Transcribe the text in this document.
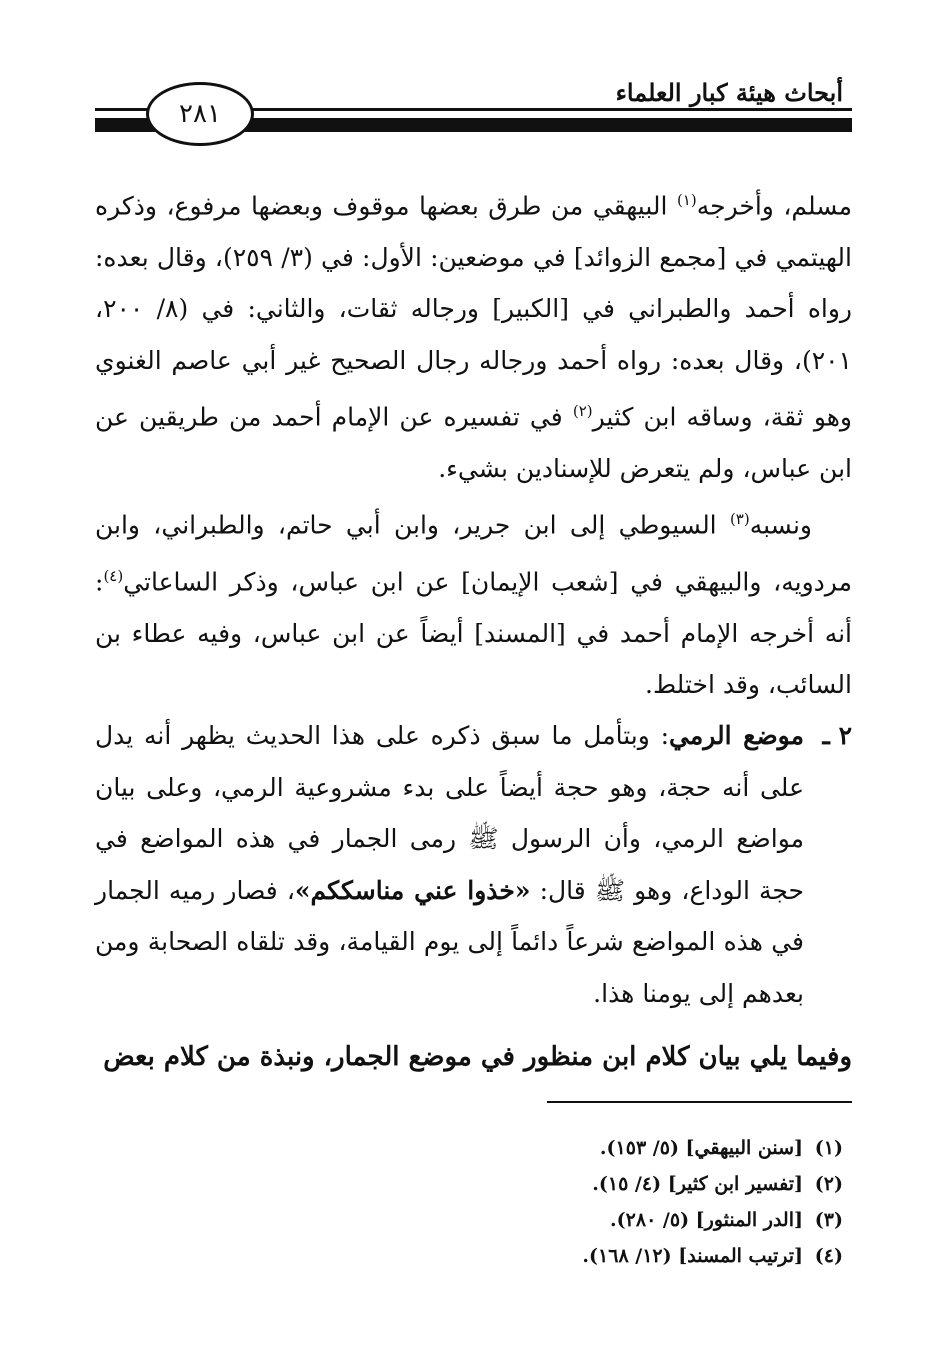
أبحاث هيئة كبار العلماء
٢٨١
مسلم، وأخرجه$^{(١)}$ البيهقي من طرق بعضها موقوف وبعضها مرفوع، وذكره الهيتمي في [مجمع الزوائد] في موضعين: الأول: في (٣/ ٢٥٩)، وقال بعده: رواه أحمد والطبراني في [الكبير] ورجاله ثقات، والثاني: في (٨/ ٢٠٠، ٢٠١)، وقال بعده: رواه أحمد ورجاله رجال الصحيح غير أبي عاصم الغنوي وهو ثقة، وساقه ابن كثير$^{(٢)}$ في تفسيره عن الإمام أحمد من طريقين عن ابن عباس، ولم يتعرض للإسنادين بشيء.
ونسبه$^{(٣)}$ السيوطي إلى ابن جرير، وابن أبي حاتم، والطبراني، وابن مردويه، والبيهقي في [شعب الإيمان] عن ابن عباس، وذكر الساعاتي$^{(٤)}$: أنه أخرجه الإمام أحمد في [المسند] أيضاً عن ابن عباس، وفيه عطاء بن السائب، وقد اختلط.
٢ ـ
موضع الرمي: وبتأمل ما سبق ذكره على هذا الحديث يظهر أنه يدل على أنه حجة، وهو حجة أيضاً على بدء مشروعية الرمي، وعلى بيان مواضع الرمي، وأن الرسول ﷺ رمى الجمار في هذه المواضع في حجة الوداع، وهو ﷺ قال: «خذوا عني مناسككم»، فصار رميه الجمار في هذه المواضع شرعاً دائماً إلى يوم القيامة، وقد تلقاه الصحابة ومن بعدهم إلى يومنا هذا.
وفيما يلي بيان كلام ابن منظور في موضع الجمار، ونبذة من كلام بعض
(١)[سنن البيهقي] (٥/ ١٥٣).
(٢)[تفسير ابن كثير] (٤/ ١٥).
(٣)[الدر المنثور] (٥/ ٢٨٠).
(٤)[ترتيب المسند] (١٢/ ١٦٨).
